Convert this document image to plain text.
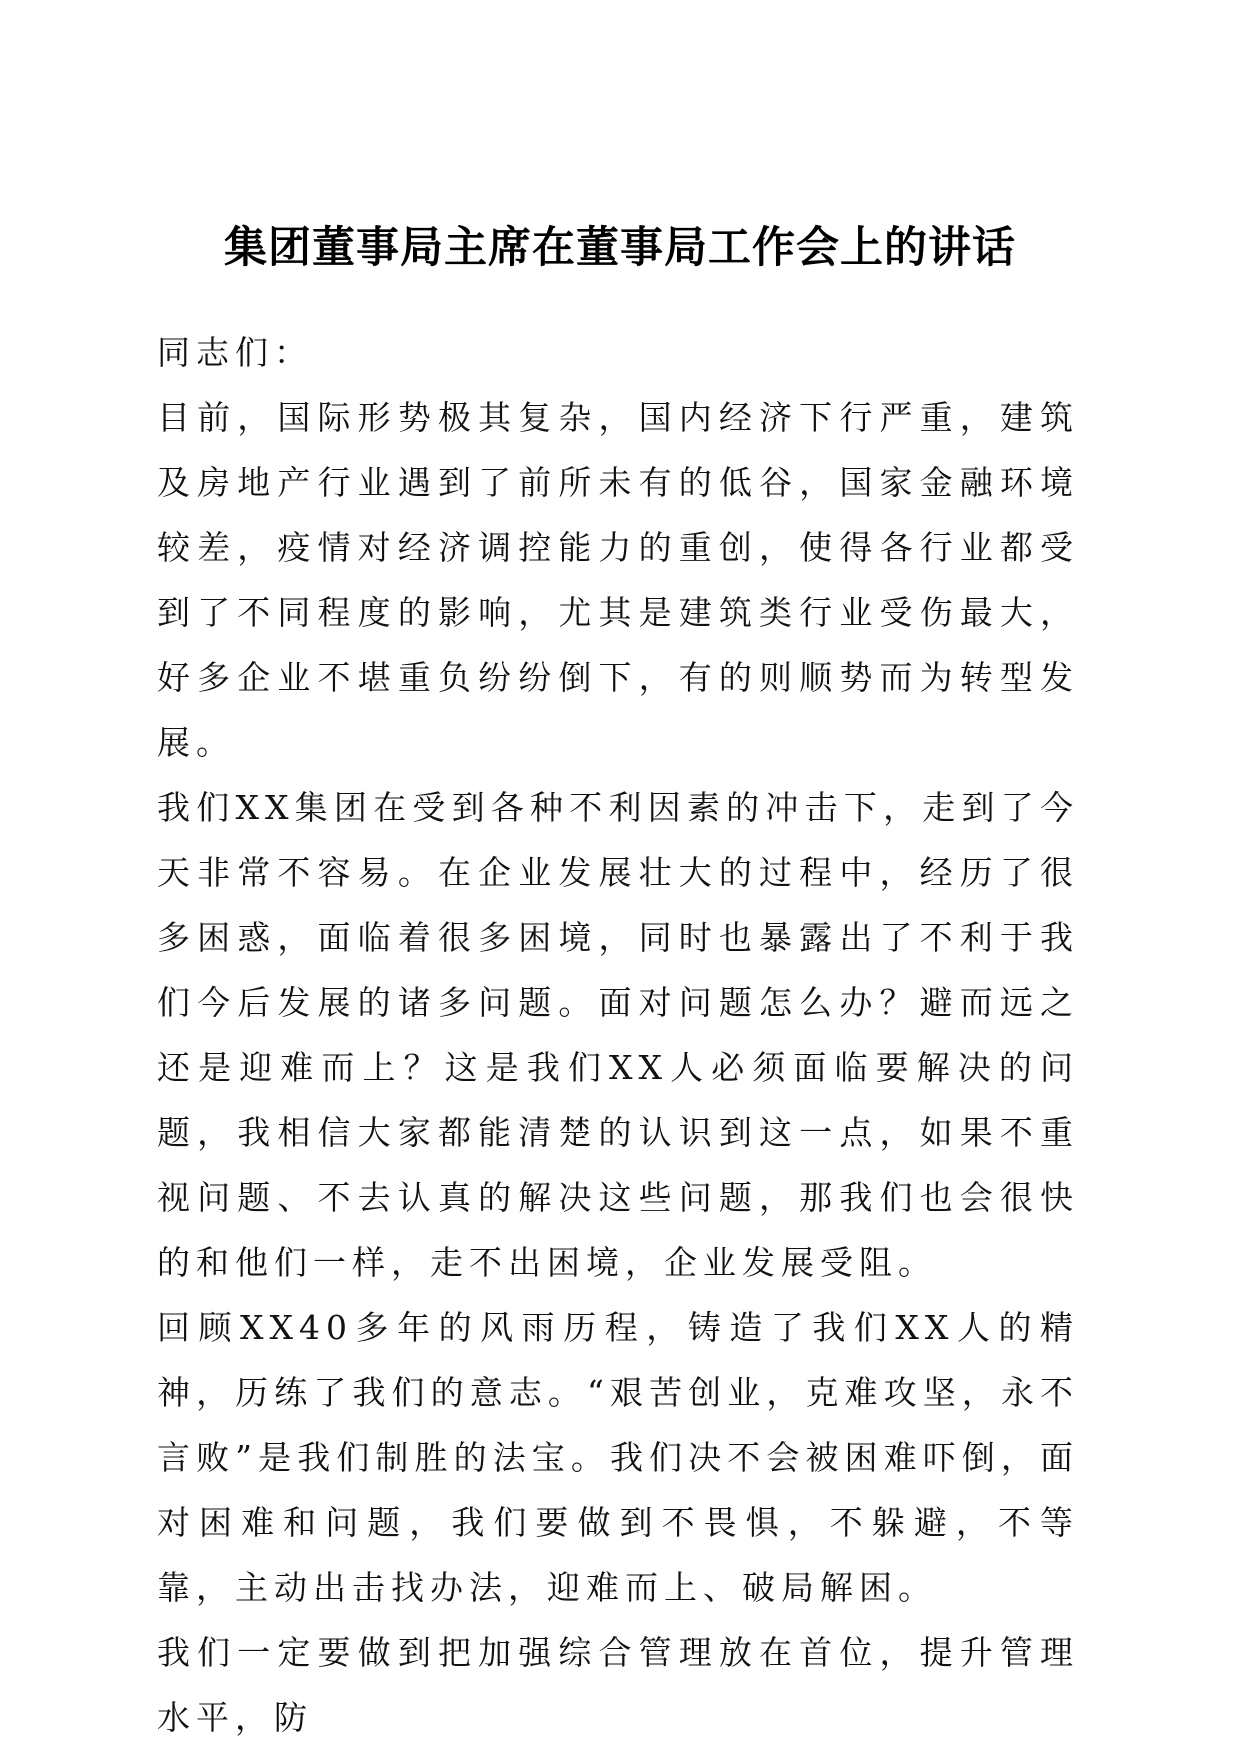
集团董事局主席在董事局工作会上的讲话

同志们：

目前，国际形势极其复杂，国内经济下行严重，建筑及房地产行业遇到了前所未有的低谷，国家金融环境较差，疫情对经济调控能力的重创，使得各行业都受到了不同程度的影响，尤其是建筑类行业受伤最大，好多企业不堪重负纷纷倒下，有的则顺势而为转型发展。

我们XX集团在受到各种不利因素的冲击下，走到了今天非常不容易。在企业发展壮大的过程中，经历了很多困惑，面临着很多困境，同时也暴露出了不利于我们今后发展的诸多问题。面对问题怎么办？避而远之还是迎难而上？这是我们XX人必须面临要解决的问题，我相信大家都能清楚的认识到这一点，如果不重视问题、不去认真的解决这些问题，那我们也会很快的和他们一样，走不出困境，企业发展受阻。

回顾XX40多年的风雨历程，铸造了我们XX人的精神，历练了我们的意志。“艰苦创业，克难攻坚，永不言败”是我们制胜的法宝。我们决不会被困难吓倒，面对困难和问题，我们要做到不畏惧，不躲避，不等靠，主动出击找办法，迎难而上、破局解困。

我们一定要做到把加强综合管理放在首位，提升管理水平，防
